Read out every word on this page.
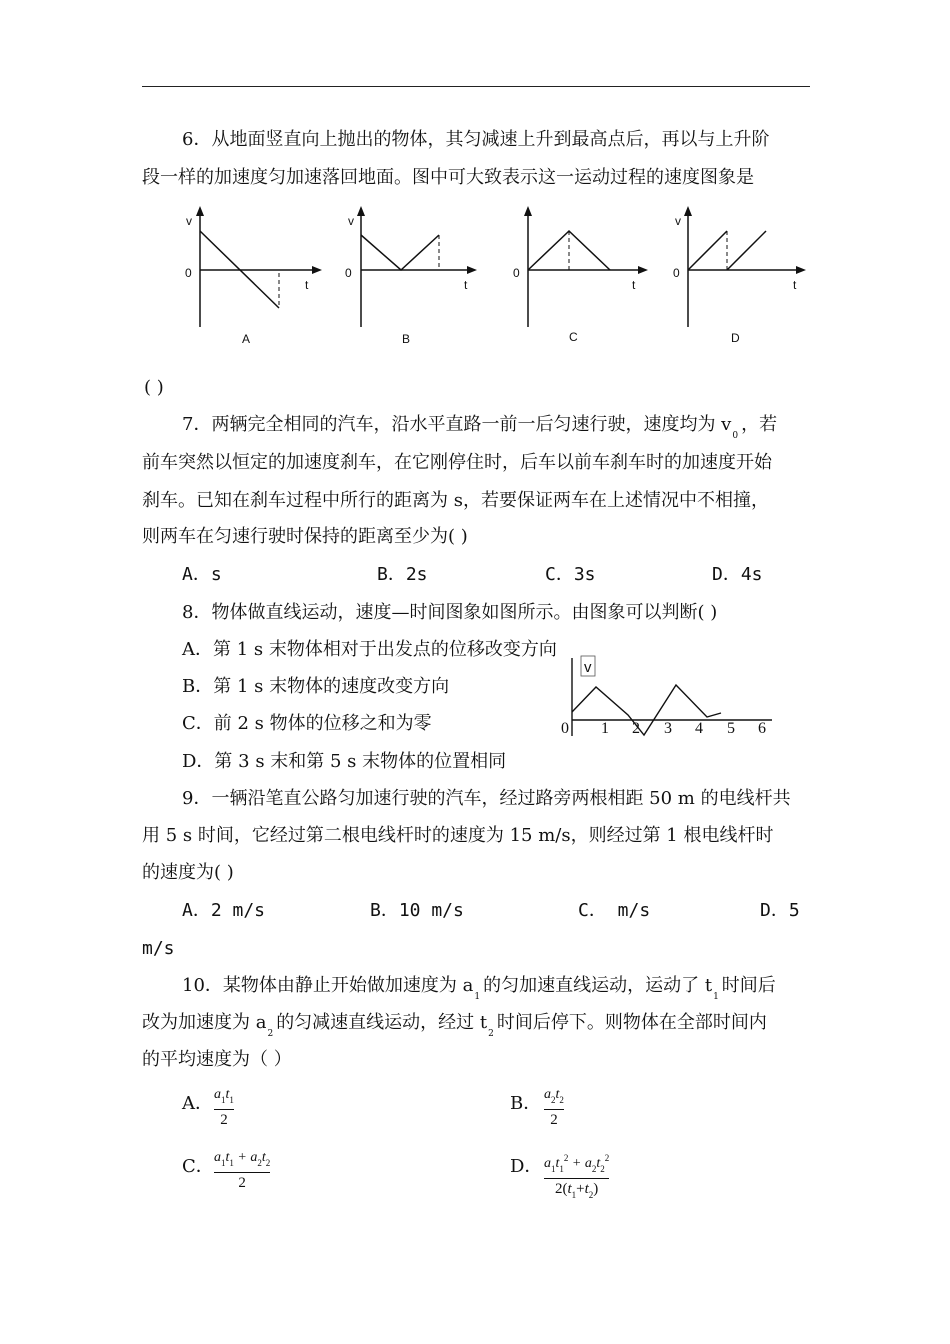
6．从地面竖直向上抛出的物体，其匀减速上升到最高点后，再以与上升阶
段一样的加速度匀加速落回地面。图中可大致表示这一运动过程的速度图象是
v
0
t
A
v
0
t
B
0
t
C
v
0
t
D
( )
7．两辆完全相同的汽车，沿水平直路一前一后匀速行驶，速度均为 $v_0$，若
前车突然以恒定的加速度刹车，在它刚停住时，后车以前车刹车时的加速度开始
刹车。已知在刹车过程中所行的距离为 s，若要保证两车在上述情况中不相撞，
则两车在匀速行驶时保持的距离至少为( )
A．s	B．2s	C．3s	D．4s
8．物体做直线运动，速度—时间图象如图所示。由图象可以判断( )
A．第 1 s 末物体相对于出发点的位移改变方向
B．第 1 s 末物体的速度改变方向
C．前 2 s 物体的位移之和为零
D．第 3 s 末和第 5 s 末物体的位置相同
v
0 1 2 3 4 5 6
9．一辆沿笔直公路匀加速行驶的汽车，经过路旁两根相距 50 m 的电线杆共
用 5 s 时间，它经过第二根电线杆时的速度为 15 m/s，则经过第 1 根电线杆时
的速度为( )
A．2 m/s	B．10 m/s	C． m/s	D．5
m/s
10．某物体由静止开始做加速度为 $a_1$的匀加速直线运动，运动了 $t_1$时间后
改为加速度为 $a_2$的匀减速直线运动，经过 $t_2$时间后停下。则物体在全部时间内
的平均速度为（ ）
A． $a_1t_1$
2
B． $a_2t_2$
2
C． $a_1t_1 + a_2t_2$
2
D． $a_1t_1^2 + a_2t_2^2$
$2(t_1+t_2)$
